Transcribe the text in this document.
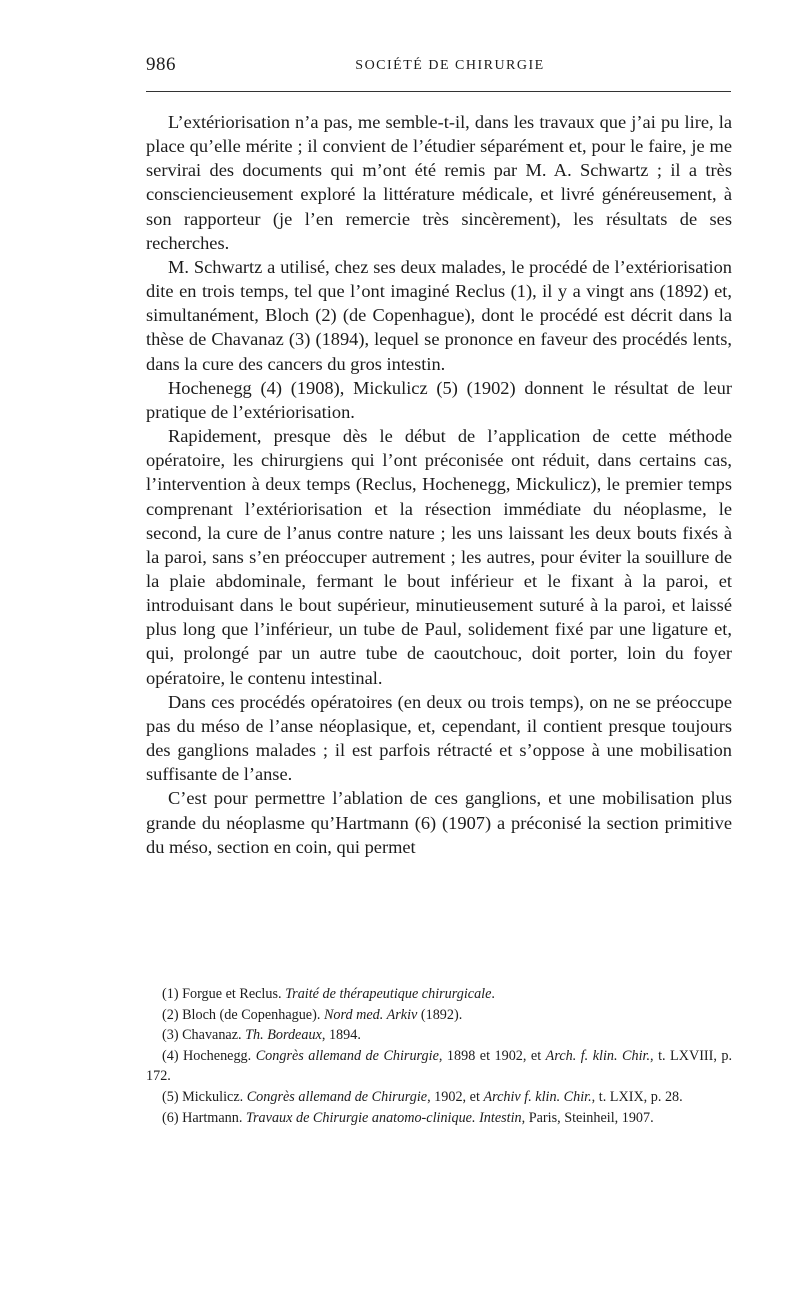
986	SOCIÉTÉ DE CHIRURGIE

L’extériorisation n’a pas, me semble-t-il, dans les travaux que j’ai pu lire, la place qu’elle mérite ; il convient de l’étudier séparément et, pour le faire, je me servirai des documents qui m’ont été remis par M. A. Schwartz ; il a très consciencieusement exploré la littérature médicale, et livré généreusement, à son rapporteur (je l’en remercie très sincèrement), les résultats de ses recherches.

M. Schwartz a utilisé, chez ses deux malades, le procédé de l’extériorisation dite en trois temps, tel que l’ont imaginé Reclus (1), il y a vingt ans (1892) et, simultanément, Bloch (2) (de Copenhague), dont le procédé est décrit dans la thèse de Chavanaz (3) (1894), lequel se prononce en faveur des procédés lents, dans la cure des cancers du gros intestin.

Hochenegg (4) (1908), Mickulicz (5) (1902) donnent le résultat de leur pratique de l’extériorisation.

Rapidement, presque dès le début de l’application de cette méthode opératoire, les chirurgiens qui l’ont préconisée ont réduit, dans certains cas, l’intervention à deux temps (Reclus, Hochenegg, Mickulicz), le premier temps comprenant l’extériorisation et la résection immédiate du néoplasme, le second, la cure de l’anus contre nature ; les uns laissant les deux bouts fixés à la paroi, sans s’en préoccuper autrement ; les autres, pour éviter la souillure de la plaie abdominale, fermant le bout inférieur et le fixant à la paroi, et introduisant dans le bout supérieur, minutieusement suturé à la paroi, et laissé plus long que l’inférieur, un tube de Paul, solidement fixé par une ligature et, qui, prolongé par un autre tube de caoutchouc, doit porter, loin du foyer opératoire, le contenu intestinal.

Dans ces procédés opératoires (en deux ou trois temps), on ne se préoccupe pas du méso de l’anse néoplasique, et, cependant, il contient presque toujours des ganglions malades ; il est parfois rétracté et s’oppose à une mobilisation suffisante de l’anse.

C’est pour permettre l’ablation de ces ganglions, et une mobilisation plus grande du néoplasme qu’Hartmann (6) (1907) a préconisé la section primitive du méso, section en coin, qui permet

(1) Forgue et Reclus. Traité de thérapeutique chirurgicale.

(2) Bloch (de Copenhague). Nord med. Arkiv (1892).

(3) Chavanaz. Th. Bordeaux, 1894.

(4) Hochenegg. Congrès allemand de Chirurgie, 1898 et 1902, et Arch. f. klin. Chir., t. LXVIII, p. 172.

(5) Mickulicz. Congrès allemand de Chirurgie, 1902, et Archiv f. klin. Chir., t. LXIX, p. 28.

(6) Hartmann. Travaux de Chirurgie anatomo-clinique. Intestin, Paris, Steinheil, 1907.
